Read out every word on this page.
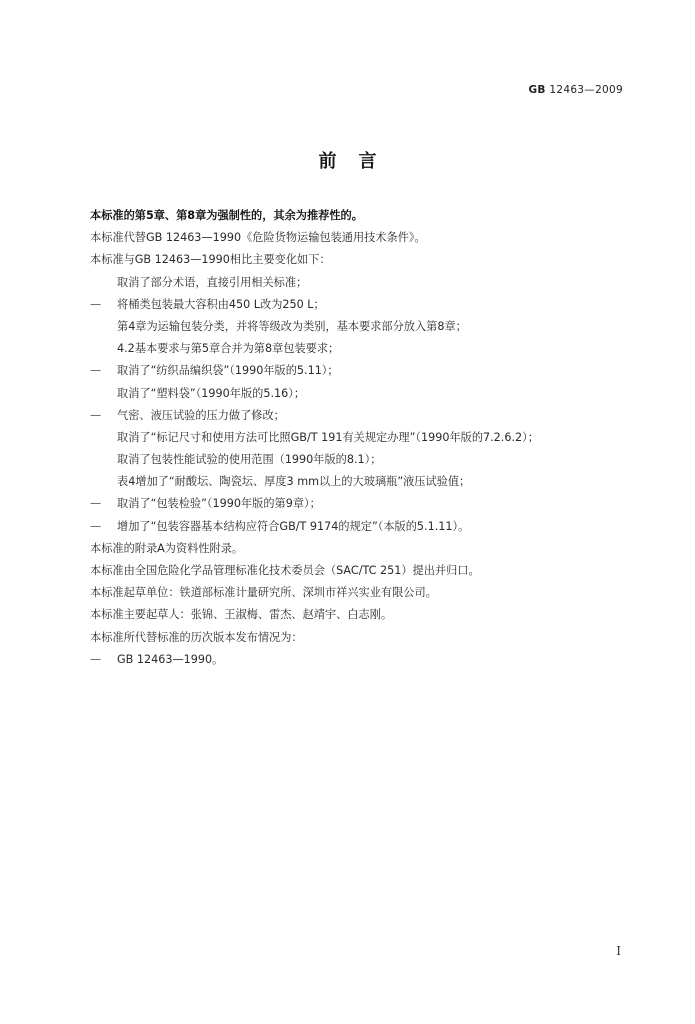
GB 12463—2009
前言
本标准的第5章、第8章为强制性的，其余为推荐性的。
本标准代替GB 12463—1990《危险货物运输包装通用技术条件》。
本标准与GB 12463—1990相比主要变化如下：
取消了部分术语，直接引用相关标准；
— 将桶类包装最大容积由450 L改为250 L；
第4章为运输包装分类，并将等级改为类别，基本要求部分放入第8章；
4.2基本要求与第5章合并为第8章包装要求；
— 取消了“纺织品编织袋”（1990年版的5.11）；
取消了“塑料袋”（1990年版的5.16）；
— 气密、液压试验的压力做了修改；
取消了“标记尺寸和使用方法可比照GB/T 191有关规定办理”（1990年版的7.2.6.2）；
取消了包装性能试验的使用范围（1990年版的8.1）；
表4增加了“耐酸坛、陶瓷坛、厚度3 mm以上的大玻璃瓶”液压试验值；
— 取消了“包装检验”（1990年版的第9章）；
— 增加了“包装容器基本结构应符合GB/T 9174的规定”（本版的5.1.11）。
本标准的附录A为资料性附录。
本标准由全国危险化学品管理标准化技术委员会（SAC/TC 251）提出并归口。
本标准起草单位：铁道部标准计量研究所、深圳市祥兴实业有限公司。
本标准主要起草人：张锦、王淑梅、雷杰、赵靖宇、白志刚。
本标准所代替标准的历次版本发布情况为：
— GB 12463—1990。
I
